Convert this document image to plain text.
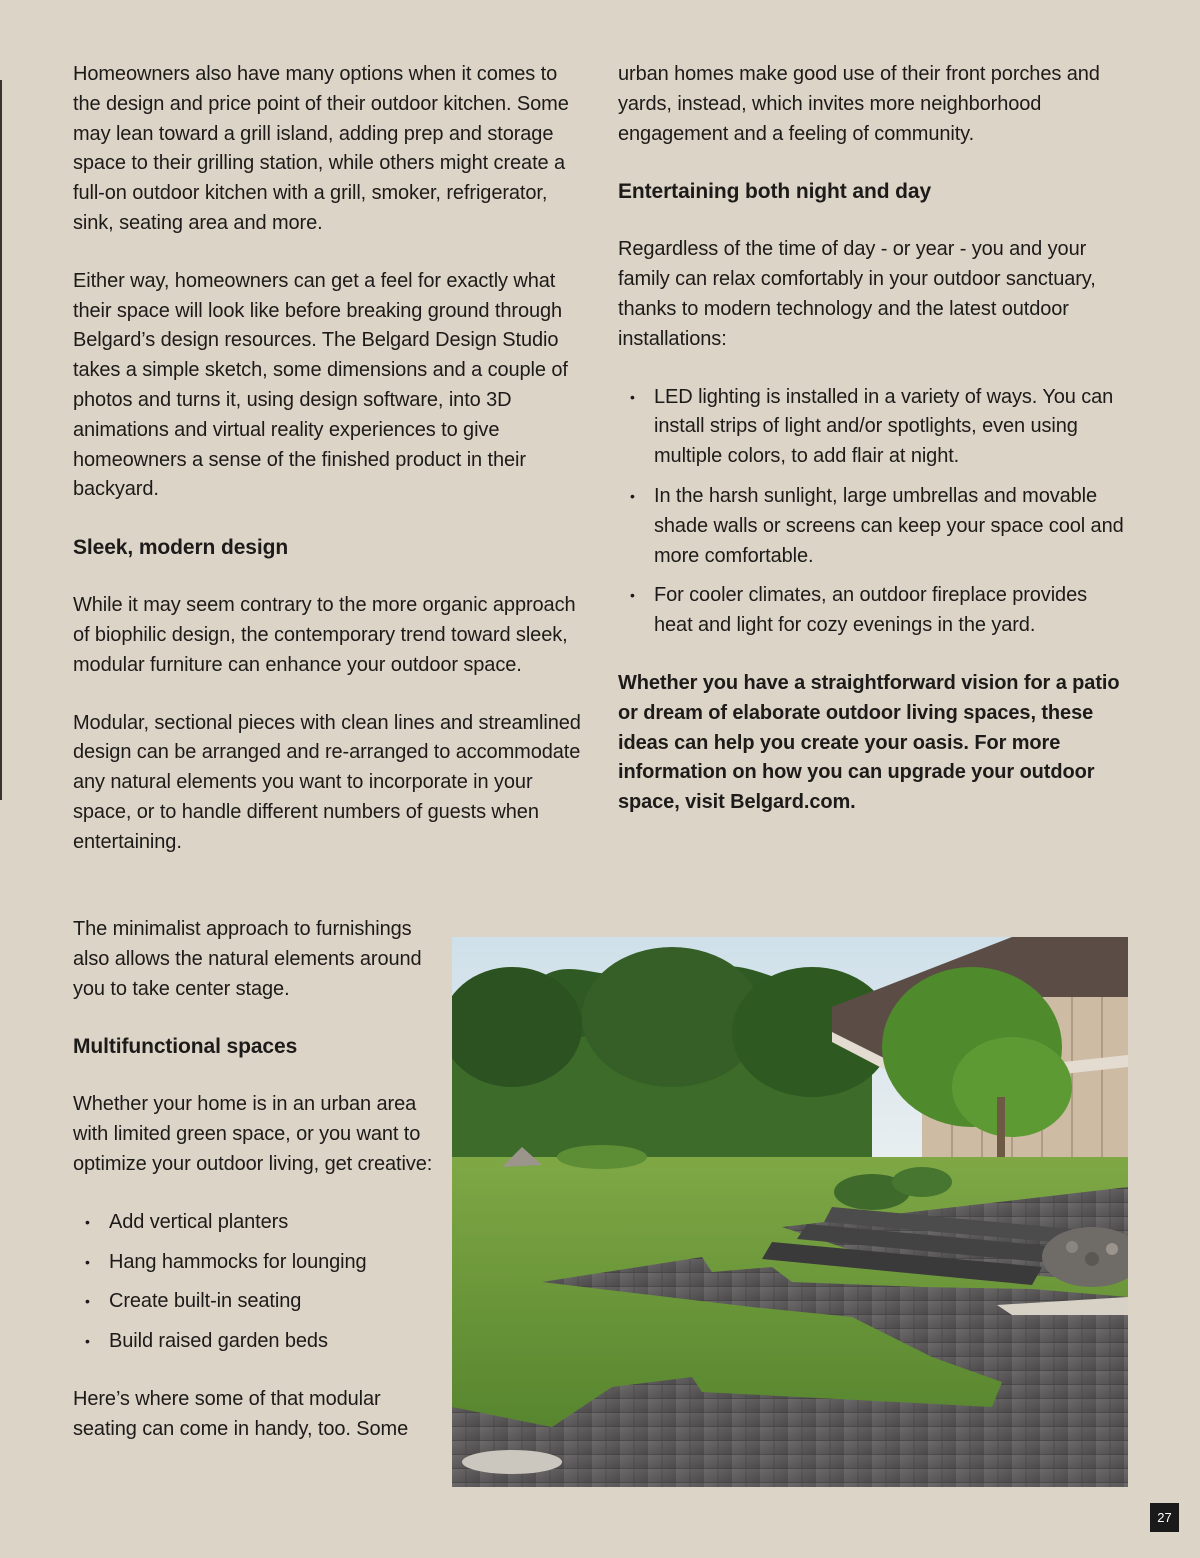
Homeowners also have many options when it comes to the design and price point of their outdoor kitchen. Some may lean toward a grill island, adding prep and storage space to their grilling station, while others might create a full-on outdoor kitchen with a grill, smoker, refrigerator, sink, seating area and more.

Either way, homeowners can get a feel for exactly what their space will look like before breaking ground through Belgard’s design resources. The Belgard Design Studio takes a simple sketch, some dimensions and a couple of photos and turns it, using design software, into 3D animations and virtual reality experiences to give homeowners a sense of the finished product in their backyard.

Sleek, modern design

While it may seem contrary to the more organic approach of biophilic design, the contemporary trend toward sleek, modular furniture can enhance your outdoor space.

Modular, sectional pieces with clean lines and streamlined design can be arranged and re-arranged to accommodate any natural elements you want to incorporate in your space, or to handle different numbers of guests when entertaining.

The minimalist approach to furnishings also allows the natural elements around you to take center stage.

Multifunctional spaces

Whether your home is in an urban area with limited green space, or you want to optimize your outdoor living, get creative:

• Add vertical planters
• Hang hammocks for lounging
• Create built-in seating
• Build raised garden beds

Here’s where some of that modular seating can come in handy, too. Some

urban homes make good use of their front porches and yards, instead, which invites more neighborhood engagement and a feeling of community.

Entertaining both night and day

Regardless of the time of day - or year - you and your family can relax comfortably in your outdoor sanctuary, thanks to modern technology and the latest outdoor installations:

• LED lighting is installed in a variety of ways. You can install strips of light and/or spotlights, even using multiple colors, to add flair at night.
• In the harsh sunlight, large umbrellas and movable shade walls or screens can keep your space cool and more comfortable.
• For cooler climates, an outdoor fireplace provides heat and light for cozy evenings in the yard.

Whether you have a straightforward vision for a patio or dream of elaborate outdoor living spaces, these ideas can help you create your oasis. For more information on how you can upgrade your outdoor space, visit Belgard.com.

27
